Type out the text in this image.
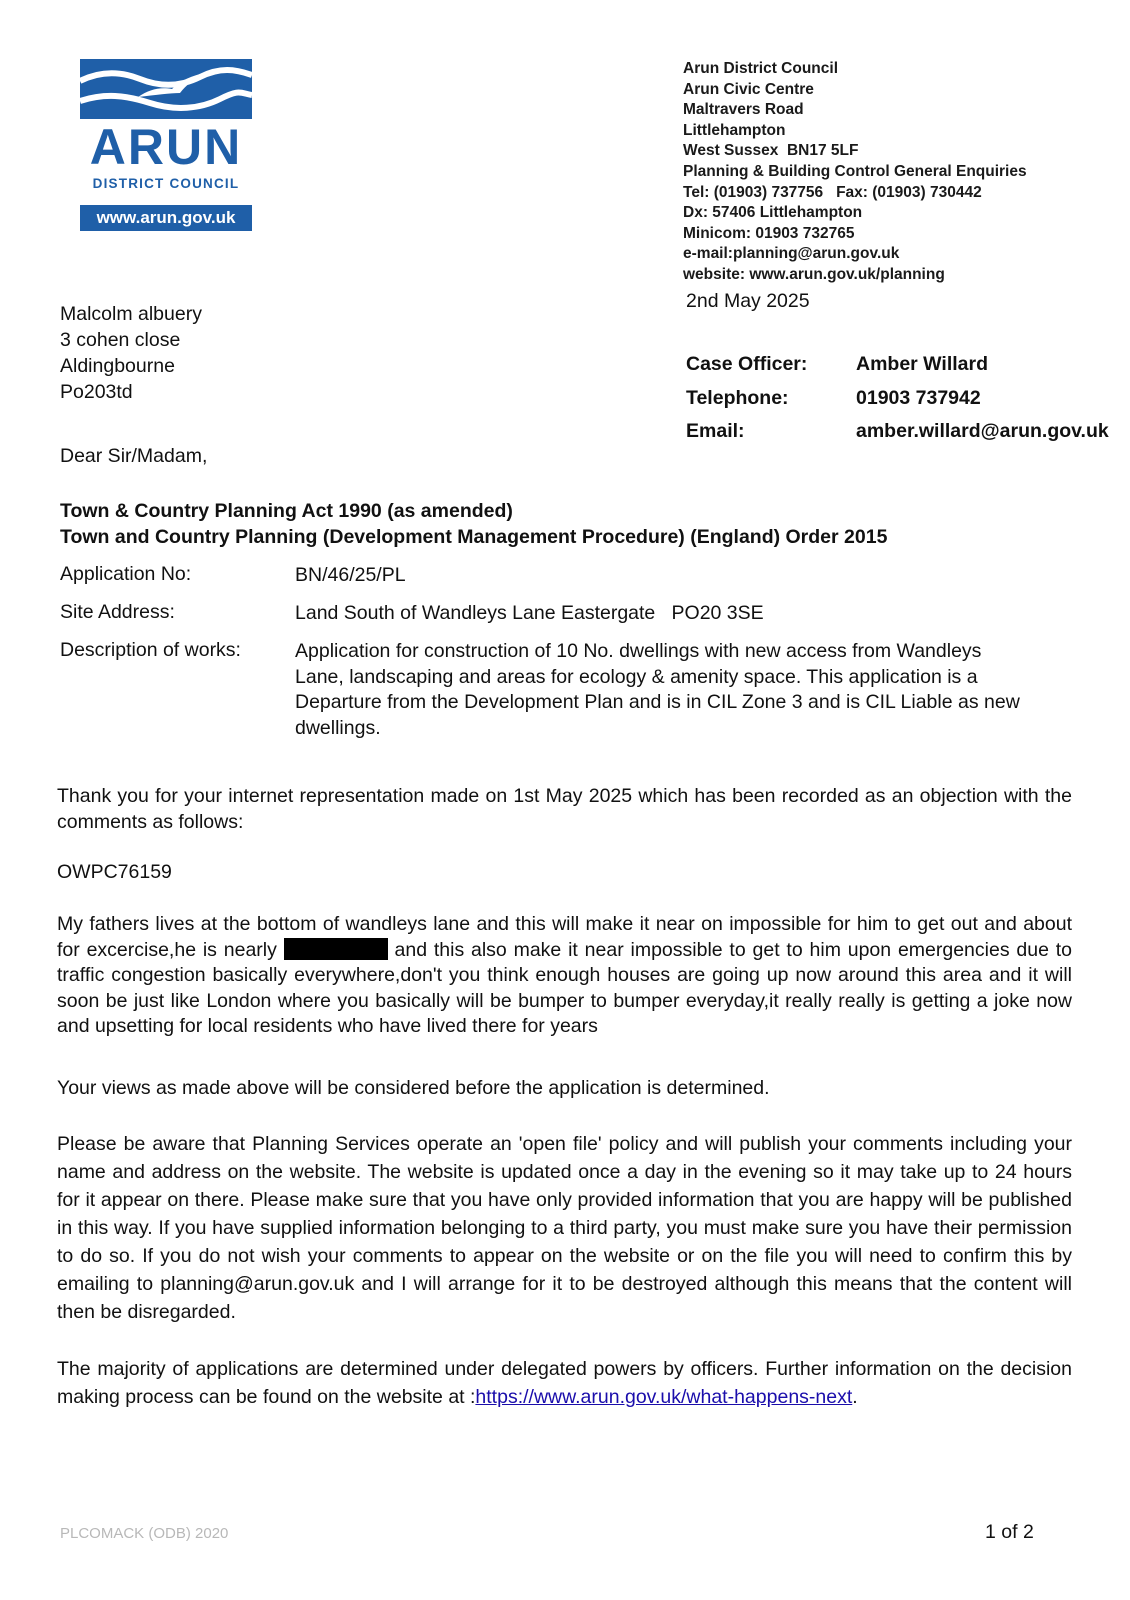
ARUN
DISTRICT COUNCIL
www.arun.gov.uk
Arun District Council
Arun Civic Centre
Maltravers Road
Littlehampton
West Sussex  BN17 5LF
Planning & Building Control General Enquiries
Tel: (01903) 737756   Fax: (01903) 730442
Dx: 57406 Littlehampton
Minicom: 01903 732765
e-mail:planning@arun.gov.uk
website: www.arun.gov.uk/planning
Malcolm albuery
3 cohen close
Aldingbourne
Po203td
2nd May 2025
Case Officer: Amber Willard
Telephone:	01903 737942
Email:	amber.willard@arun.gov.uk
Dear Sir/Madam,
Town & Country Planning Act 1990 (as amended)
Town and Country Planning (Development Management Procedure) (England) Order 2015
Application No:	BN/46/25/PL
Site Address:	Land South of Wandleys Lane Eastergate   PO20 3SE
Description of works:	Application for construction of 10 No. dwellings with new access from Wandleys Lane, landscaping and areas for ecology & amenity space. This application is a Departure from the Development Plan and is in CIL Zone 3 and is CIL Liable as new dwellings.
Thank you for your internet representation made on 1st May 2025 which has been recorded as an objection with the comments as follows:
OWPC76159
My fathers lives at the bottom of wandleys lane and this will make it near on impossible for him to get out and about for excercise,he is nearly	and this also make it near impossible to get to him upon emergencies due to traffic congestion basically everywhere,don't you think enough houses are going up now around this area and it will soon be just like London where you basically will be bumper to bumper everyday,it really really is getting a joke now and upsetting for local residents who have lived there for years
Your views as made above will be considered before the application is determined.
Please be aware that Planning Services operate an 'open file' policy and will publish your comments including your name and address on the website. The website is updated once a day in the evening so it may take up to 24 hours for it appear on there. Please make sure that you have only provided information that you are happy will be published in this way. If you have supplied information belonging to a third party, you must make sure you have their permission to do so. If you do not wish your comments to appear on the website or on the file you will need to confirm this by emailing to planning@arun.gov.uk and I will arrange for it to be destroyed although this means that the content will then be disregarded.
The majority of applications are determined under delegated powers by officers. Further information on the decision making process can be found on the website at :https://www.arun.gov.uk/what-happens-next.
PLCOMACK (ODB) 2020	1 of 2
